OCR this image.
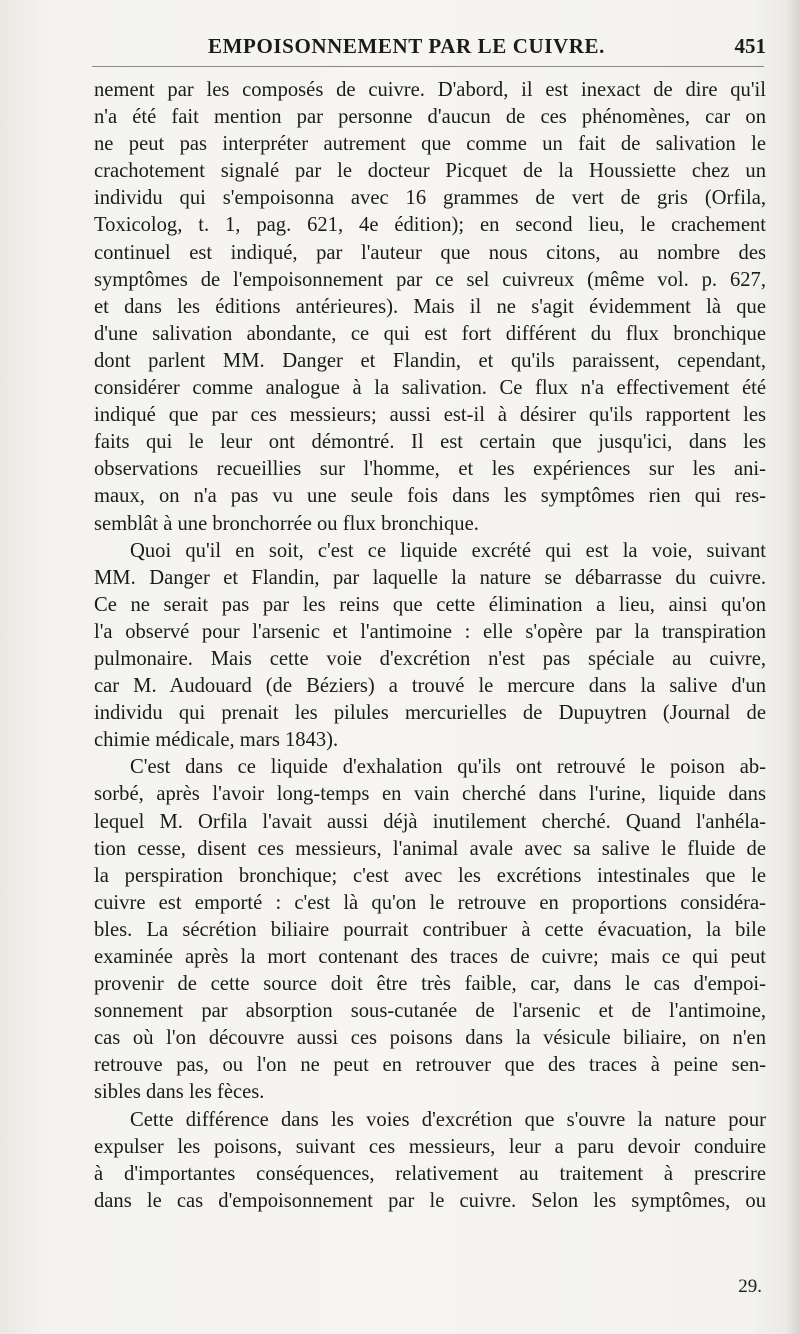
EMPOISONNEMENT PAR LE CUIVRE.	451
nement par les composés de cuivre. D'abord, il est inexact de dire qu'il
n'a été fait mention par personne d'aucun de ces phénomènes, car on
ne peut pas interpréter autrement que comme un fait de salivation le
crachotement signalé par le docteur Picquet de la Houssiette chez un
individu qui s'empoisonna avec 16 grammes de vert de gris (Orfila,
Toxicolog, t. 1, pag. 621, 4e édition); en second lieu, le crachement
continuel est indiqué, par l'auteur que nous citons, au nombre des
symptômes de l'empoisonnement par ce sel cuivreux (même vol. p. 627,
et dans les éditions antérieures). Mais il ne s'agit évidemment là que
d'une salivation abondante, ce qui est fort différent du flux bronchique
dont parlent MM. Danger et Flandin, et qu'ils paraissent, cependant,
considérer comme analogue à la salivation. Ce flux n'a effectivement été
indiqué que par ces messieurs; aussi est-il à désirer qu'ils rapportent les
faits qui le leur ont démontré. Il est certain que jusqu'ici, dans les
observations recueillies sur l'homme, et les expériences sur les ani-
maux, on n'a pas vu une seule fois dans les symptômes rien qui res-
semblât à une bronchorrée ou flux bronchique.
Quoi qu'il en soit, c'est ce liquide excrété qui est la voie, suivant
MM. Danger et Flandin, par laquelle la nature se débarrasse du cuivre.
Ce ne serait pas par les reins que cette élimination a lieu, ainsi qu'on
l'a observé pour l'arsenic et l'antimoine : elle s'opère par la transpiration
pulmonaire. Mais cette voie d'excrétion n'est pas spéciale au cuivre,
car M. Audouard (de Béziers) a trouvé le mercure dans la salive d'un
individu qui prenait les pilules mercurielles de Dupuytren (Journal de
chimie médicale, mars 1843).
C'est dans ce liquide d'exhalation qu'ils ont retrouvé le poison ab-
sorbé, après l'avoir long-temps en vain cherché dans l'urine, liquide dans
lequel M. Orfila l'avait aussi déjà inutilement cherché. Quand l'anhéla-
tion cesse, disent ces messieurs, l'animal avale avec sa salive le fluide de
la perspiration bronchique; c'est avec les excrétions intestinales que le
cuivre est emporté : c'est là qu'on le retrouve en proportions considéra-
bles. La sécrétion biliaire pourrait contribuer à cette évacuation, la bile
examinée après la mort contenant des traces de cuivre; mais ce qui peut
provenir de cette source doit être très faible, car, dans le cas d'empoi-
sonnement par absorption sous-cutanée de l'arsenic et de l'antimoine,
cas où l'on découvre aussi ces poisons dans la vésicule biliaire, on n'en
retrouve pas, ou l'on ne peut en retrouver que des traces à peine sen-
sibles dans les fèces.
Cette différence dans les voies d'excrétion que s'ouvre la nature pour
expulser les poisons, suivant ces messieurs, leur a paru devoir conduire
à d'importantes conséquences, relativement au traitement à prescrire
dans le cas d'empoisonnement par le cuivre. Selon les symptômes, ou
29.
